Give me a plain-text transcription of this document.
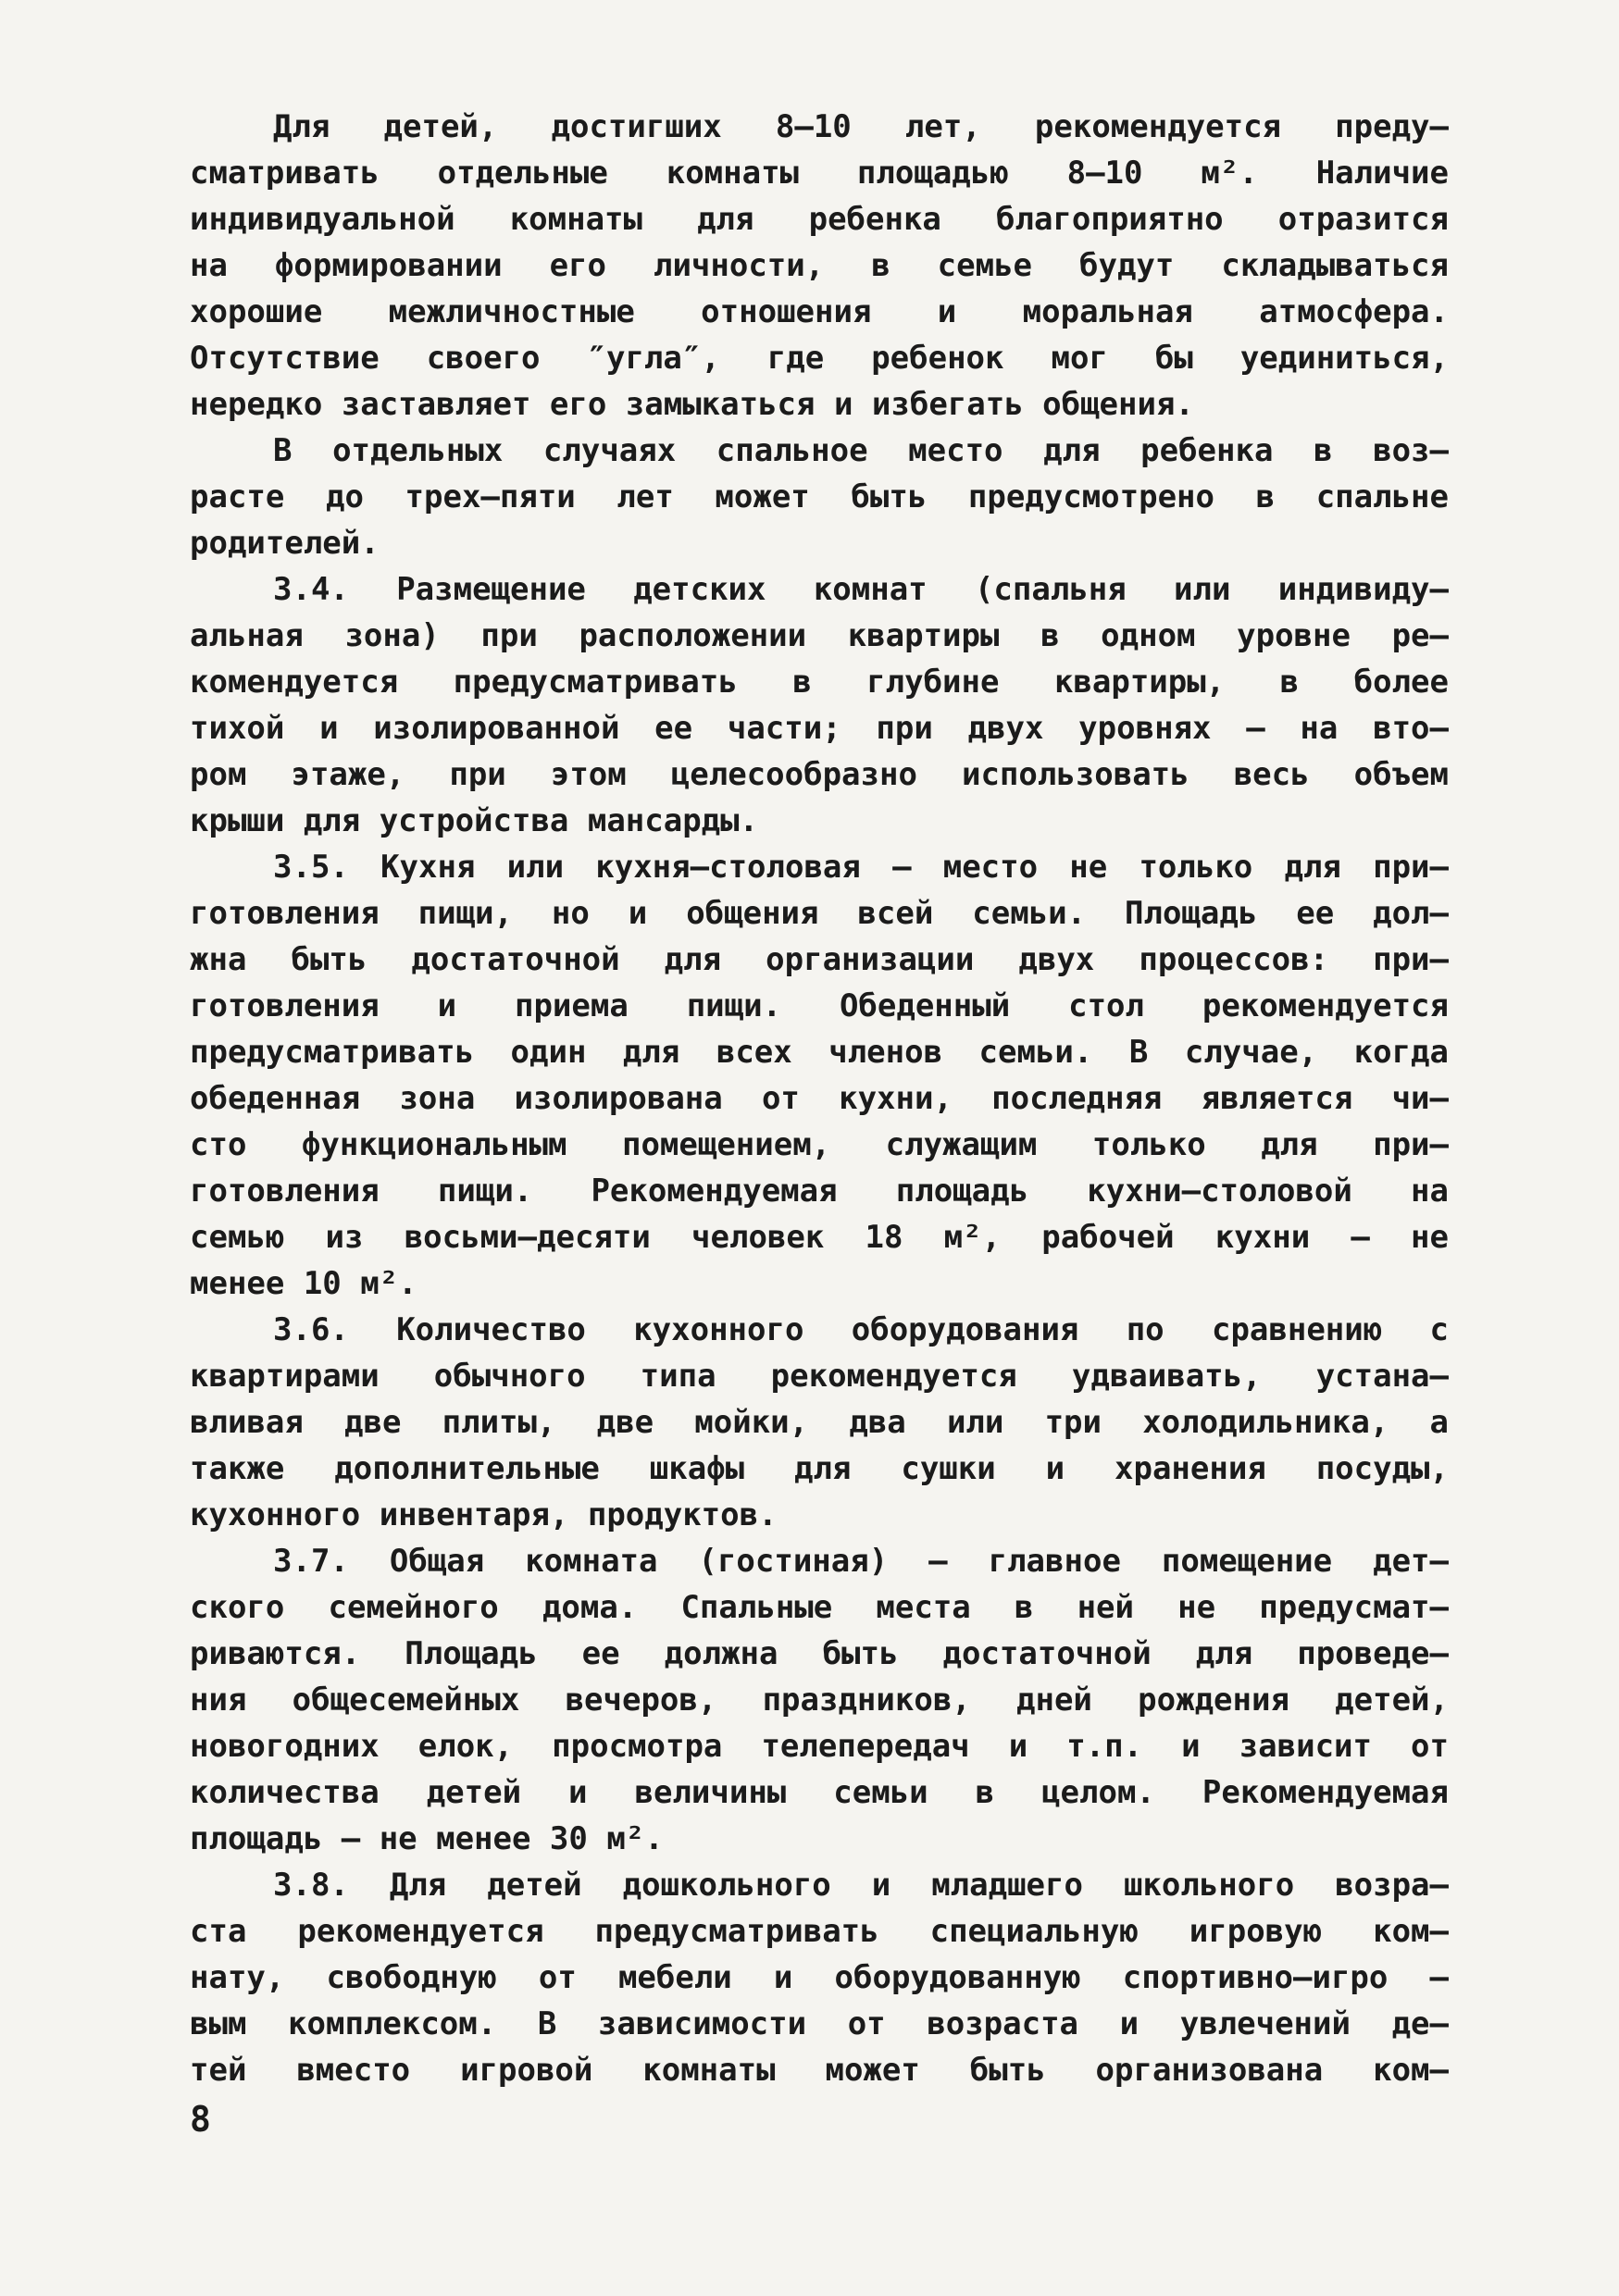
Для детей, достигших 8–10 лет, рекомендуется преду–
сматривать отдельные комнаты площадью 8–10 м². Наличие
индивидуальной комнаты для ребенка благоприятно отразится
на формировании его личности, в семье будут складываться
хорошие межличностные отношения и моральная атмосфера.
Отсутствие своего ″угла″, где ребенок мог бы уединиться,
нередко заставляет его замыкаться и избегать общения.
В отдельных случаях спальное место для ребенка в воз–
расте до трех–пяти лет может быть предусмотрено в спальне
родителей.
3.4. Размещение детских комнат (спальня или индивиду–
альная зона) при расположении квартиры в одном уровне ре–
комендуется предусматривать в глубине квартиры, в более
тихой и изолированной ее части; при двух уровнях – на вто–
ром этаже, при этом целесообразно использовать весь объем
крыши для устройства мансарды.
3.5. Кухня или кухня–столовая – место не только для при–
готовления пищи, но и общения всей семьи. Площадь ее дол–
жна быть достаточной для организации двух процессов: при–
готовления и приема пищи. Обеденный стол рекомендуется
предусматривать один для всех членов семьи. В случае, когда
обеденная зона изолирована от кухни, последняя является чи–
сто функциональным помещением, служащим только для при–
готовления пищи. Рекомендуемая площадь кухни–столовой на
семью из восьми–десяти человек 18 м², рабочей кухни – не
менее 10 м².
3.6. Количество кухонного оборудования по сравнению с
квартирами обычного типа рекомендуется удваивать, устана–
вливая две плиты, две мойки, два или три холодильника, а
также дополнительные шкафы для сушки и хранения посуды,
кухонного инвентаря, продуктов.
3.7. Общая комната (гостиная) – главное помещение дет–
ского семейного дома. Спальные места в ней не предусмат–
риваются. Площадь ее должна быть достаточной для проведе–
ния общесемейных вечеров, праздников, дней рождения детей,
новогодних елок, просмотра телепередач и т.п. и зависит от
количества детей и величины семьи в целом. Рекомендуемая
площадь – не менее 30 м².
3.8. Для детей дошкольного и младшего школьного возра–
ста рекомендуется предусматривать специальную игровую ком–
нату, свободную от мебели и оборудованную спортивно–игро –
вым комплексом. В зависимости от возраста и увлечений де–
тей вместо игровой комнаты может быть организована ком–
8
